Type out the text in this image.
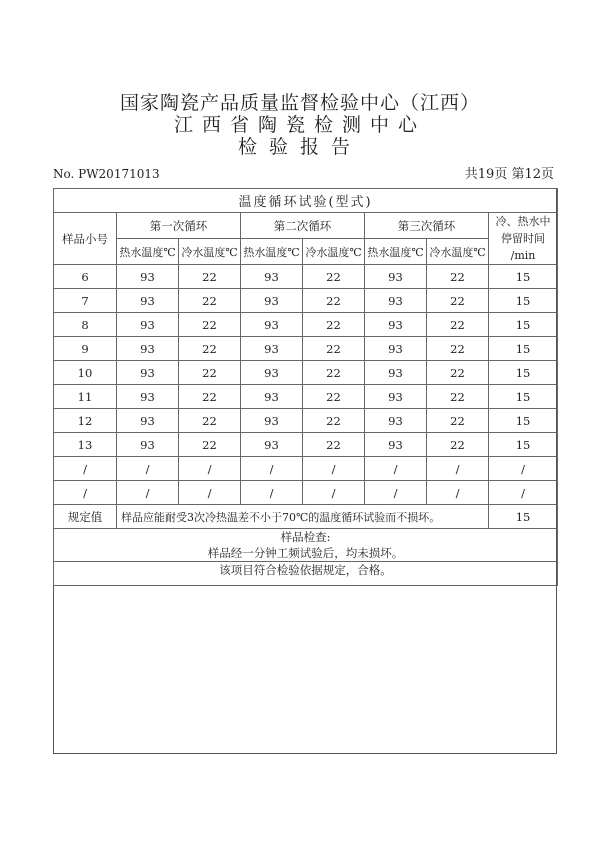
国家陶瓷产品质量监督检验中心（江西）
江西省陶瓷检测中心
检验报告
No. PW20171013	共19页 第12页
温度循环试验(型式)							
样品小号	第一次循环		第二次循环		第三次循环		冷、热水中
停留时间
/min

	热水温度℃	冷水温度℃	热水温度℃	冷水温度℃	热水温度℃	冷水温度℃	
6	93	22	93	22	93	22	15
7	93	22	93	22	93	22	15
8	93	22	93	22	93	22	15
9	93	22	93	22	93	22	15
10	93	22	93	22	93	22	15
11	93	22	93	22	93	22	15
12	93	22	93	22	93	22	15
13	93	22	93	22	93	22	15
/	/	/	/	/	/	/	/
/	/	/	/	/	/	/	/
规定值	样品应能耐受3次冷热温差不小于70℃的温度循环试验而不损坏。						15

样品检查:
样品经一分钟工频试验后，均未损坏。							

该项目符合检验依据规定，合格。							
